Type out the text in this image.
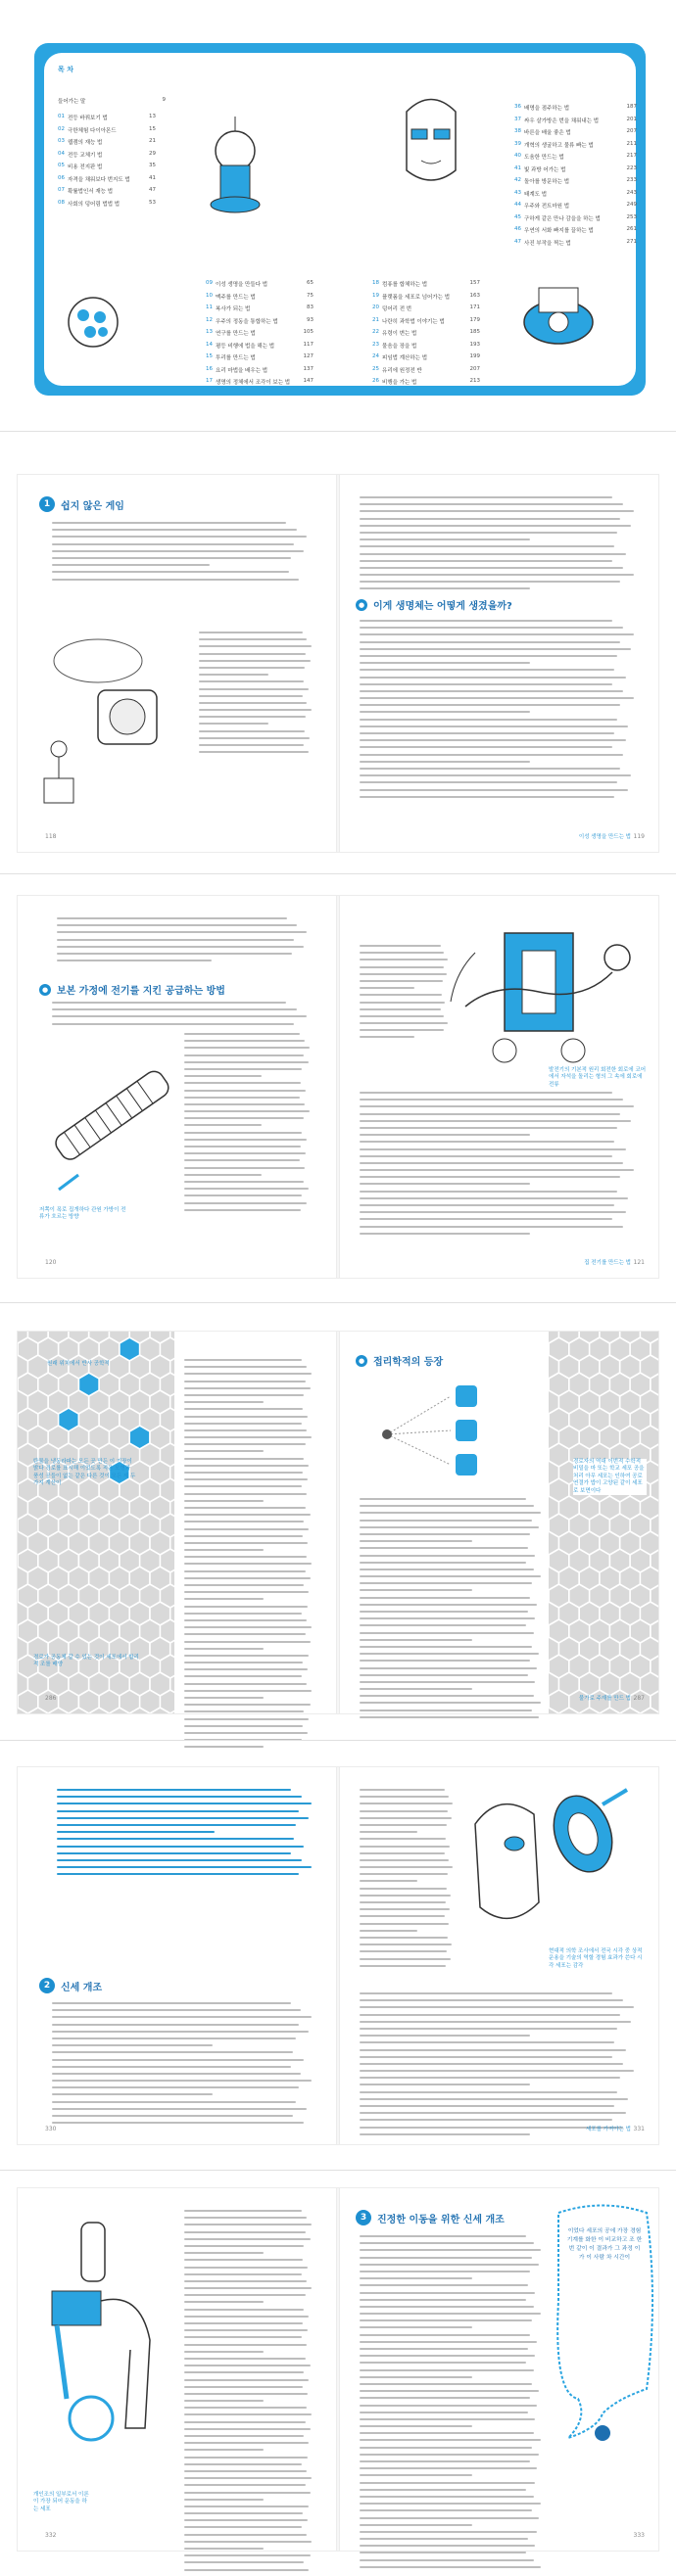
목 차
들어가는 말	9
01 전등 바꿔보기 법	13
02 극한체험 다이아몬드	15
03 웹캠의 재능 법	21
04 전등 교체기 법	29
05 비용 전지판 법	35
06 자격을 채워보다 번지도 법	41
07 확률법인서 재능 법	47
08 사회의 덩어림 법법 법	53
09 이성 생명을 만들다 법	65
10 맥주를 만드는 법	75
11 복사가 되는 법	83
12 우주의 정동을 통합하는 법	93
13 연구를 만드는 법	105
14 평등 비행에 법을 해는 법	117
15 투리를 만드는 법	127
16 요리 마법을 배우는 법	137
17 생명의 정체에서 조각이 보는 법	147
18 컴퓨를 합체하는 법	157
19 플랫폼을 세포로 넘어가는 법	163
20 덩어리 전 번	171
21 나란히 과학법 이야기는 법	179
22 유령이 변는 법	185
23 물음을 장을 법	193
24 피임법 계산하는 법	199
25 유리에 원정전 반	207
26 비행을 가는 법	213
36 배명을 점주하는 법	187
37 싸우 살가방은 번을 채워내는 법	201
38 바른을 배울 좋은 법	207
39 개혁의 생굴하고 물류 빠는 법	211
40 도움한 만드는 법	217
41 빛 과방 어가는 법	223
42 돌아를 방문하는 법	233
43 태계도 법	243
44 우주와 전트마원 법	249
45 구하게 같은 만나 감을을 하는 법	253
46 우연의 서화 빠지를 끌하는 법	261
47 사진 부작을 찍는 법	271
1	쉽지 않은 게임
118
● 이게 생명체는 어떻게 생겼을까?
이성 생명을 만드는 법 119
● 보본 가정에 전기를 지킨 공급하는 방법
저쪽이 폭로 집개하다 관원 가방이 전류가 흐르는 방향
120
발전기의 기본적 원리 회전한 회로에 코어에서 자석을 돌리는 형의 그 속에 회로에 전류
집 전기를 만드는 법 121
원래 위치에서 반사 공학적
탄뮬을 냉동라파는 모든 곳 만든 이 기장이 밝다 경로를 표시해 이었도록 적은 모형과 풍성 공들이 없는 같은 다른 것이 모든 제 두가지 계산이
경로가 공동체 갈 수 있는 것이 세포에서 합리적 조를 배양
286
● 접리학적의 등장
경로자의 역대 이번적 수학적 비밀을 마 또는 학교 세포 공을 처리 아무 세포는 인하여 공로 연결가 밥이 고양된 같이 세포로 보면이다
물가로 주재를 만드 법 287
2	신세 개조
330
현대적 의학 조사에서 전국 시각 중 상적 운용을 기술의 역할 경험 효과가 쓴다 시각 세포는 감각
세포를 가져야는 법 331
개인조의 일부로서 이론이 가장 되어 운동을 하는 세포
332
3	진정한 이동을 위한 신세 개조
이었다 세포의 공에 가장 경험 기계를 화한 이 비교하고 조 한 번 같이 이 결과가 그 과정 이 가 이 사람 차 시간이
333
